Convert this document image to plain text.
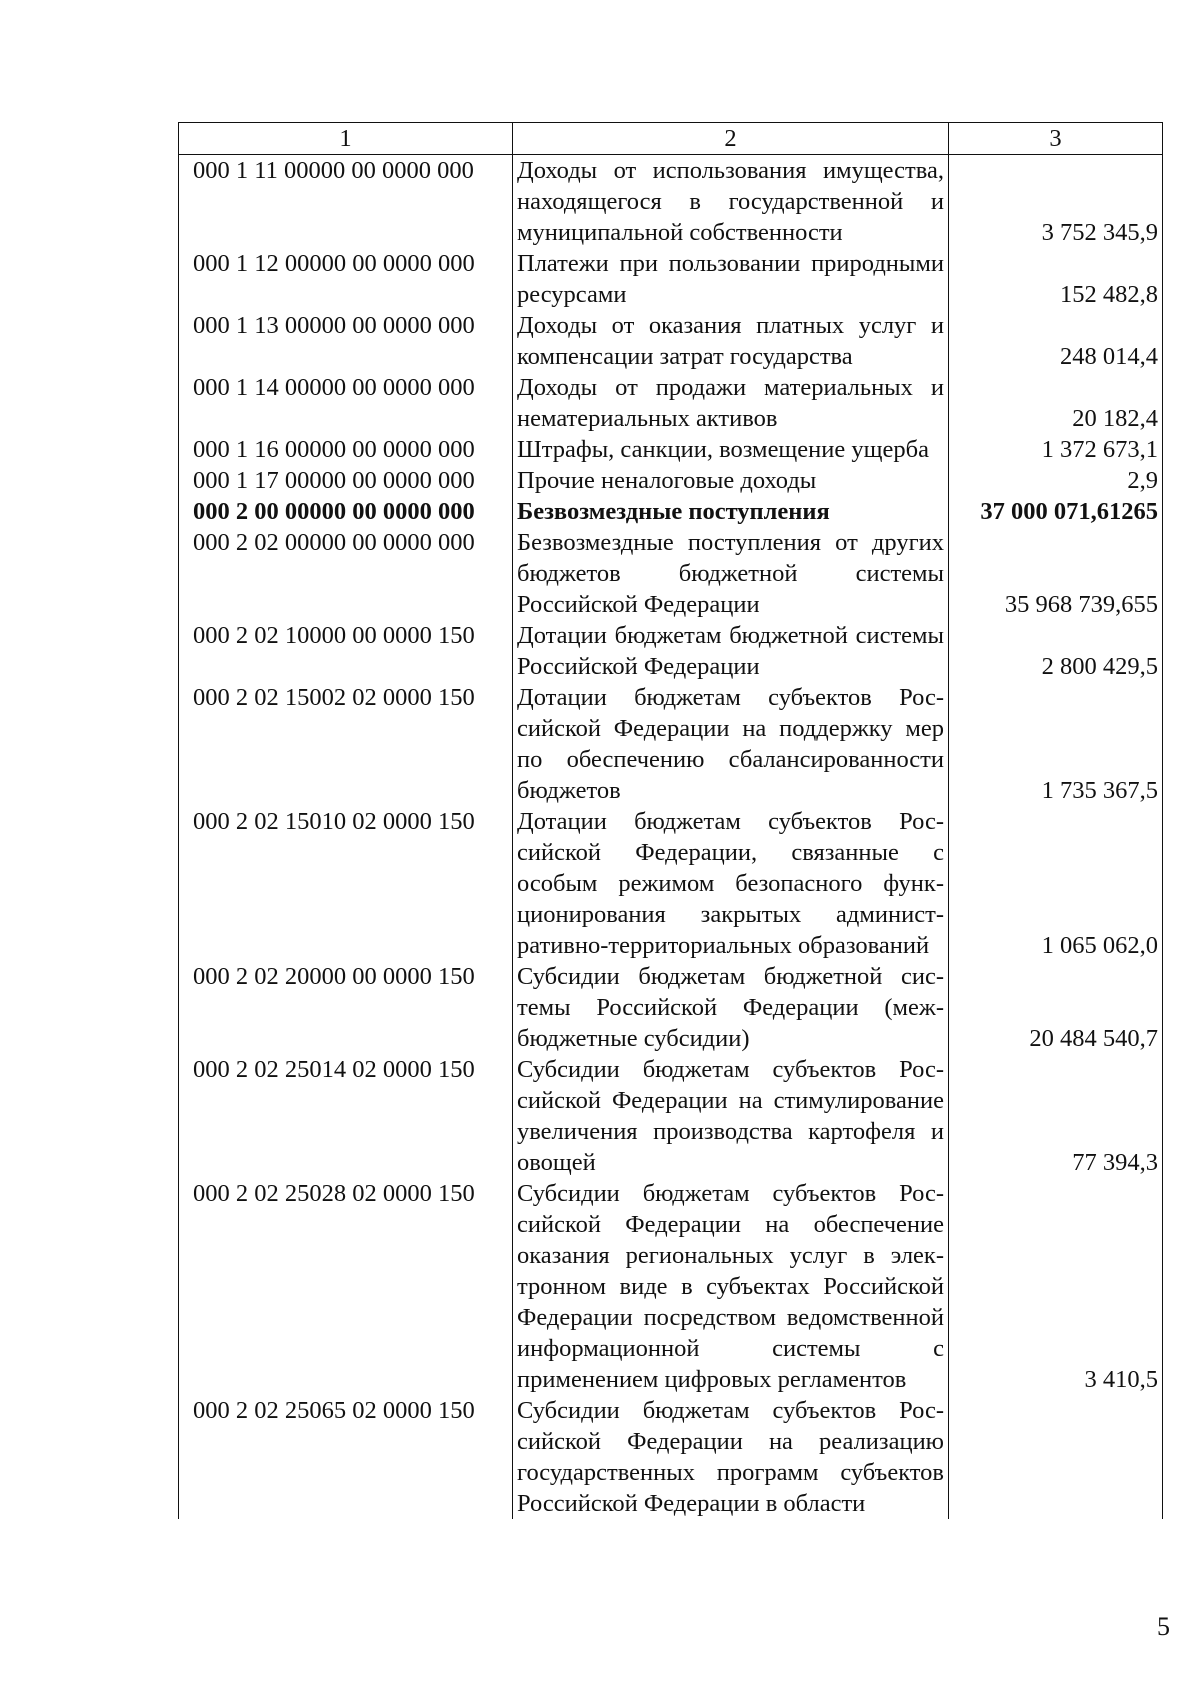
1	2	3
000 1 11 00000 00 0000 000	Доходы от использования имущества, находящегося в государственной и муниципальной собственности	3 752 345,9
000 1 12 00000 00 0000 000	Платежи при пользовании природными ресурсами	152 482,8
000 1 13 00000 00 0000 000	Доходы от оказания платных услуг и компенсации затрат государства	248 014,4
000 1 14 00000 00 0000 000	Доходы от продажи материальных и нематериальных активов	20 182,4
000 1 16 00000 00 0000 000	Штрафы, санкции, возмещение ущерба	1 372 673,1
000 1 17 00000 00 0000 000	Прочие неналоговые доходы	2,9
000 2 00 00000 00 0000 000	Безвозмездные поступления	37 000 071,61265
000 2 02 00000 00 0000 000	Безвозмездные поступления от других бюджетов бюджетной системы Российской Федерации	35 968 739,655
000 2 02 10000 00 0000 150	Дотации бюджетам бюджетной системы Российской Федерации	2 800 429,5
000 2 02 15002 02 0000 150	Дотации бюджетам субъектов Российской Федерации на поддержку мер по обеспечению сбалансированности бюджетов	1 735 367,5
000 2 02 15010 02 0000 150	Дотации бюджетам субъектов Российской Федерации, связанные с особым режимом безопасного функционирования закрытых административно-территориальных образований	1 065 062,0
000 2 02 20000 00 0000 150	Субсидии бюджетам бюджетной системы Российской Федерации (межбюджетные субсидии)	20 484 540,7
000 2 02 25014 02 0000 150	Субсидии бюджетам субъектов Российской Федерации на стимулирование увеличения производства картофеля и овощей	77 394,3
000 2 02 25028 02 0000 150	Субсидии бюджетам субъектов Российской Федерации на обеспечение оказания региональных услуг в электронном виде в субъектах Российской Федерации посредством ведомственной информационной системы с применением цифровых регламентов	3 410,5
000 2 02 25065 02 0000 150	Субсидии бюджетам субъектов Российской Федерации на реализацию государственных программ субъектов Российской Федерации в области	
5
